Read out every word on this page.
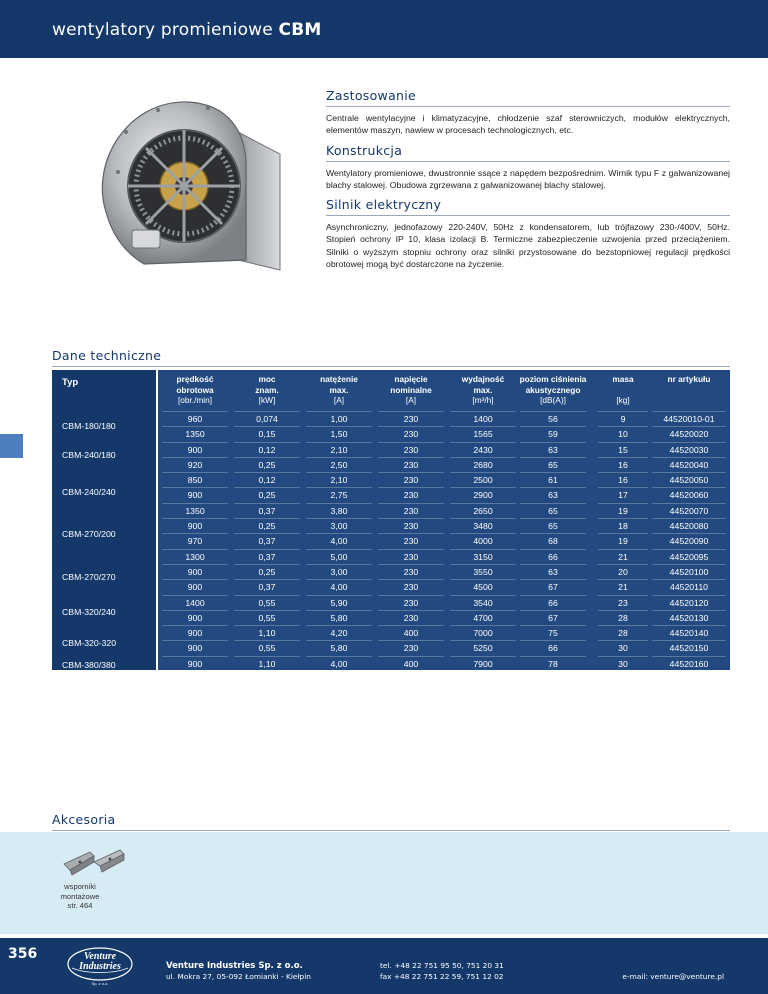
wentylatory promieniowe CBM
Zastosowanie
Centrale wentylacyjne i klimatyzacyjne, chłodzenie szaf sterowniczych, modułów elektrycznych, elementów maszyn, nawiew w procesach technologicznych, etc.
Konstrukcja
Wentylatory promieniowe, dwustronnie ssące z napędem bezpośrednim. Wirnik typu F z galwanizowanej blachy stalowej. Obudowa zgrzewana z galwanizowanej blachy stalowej.
Silnik elektryczny
Asynchroniczny, jednofazowy 220-240V, 50Hz z kondensatorem, lub trójfazowy 230-/400V, 50Hz. Stopień ochrony IP 10, klasa izolacji B. Termiczne zabezpieczenie uzwojenia przed przeciążeniem. Silniki o wyższym stopniu ochrony oraz silniki przystosowane do bezstopniowej regulacji prędkości obrotowej mogą być dostarczone na życzenie.
Dane techniczne
Typ
CBM-180/180
CBM-240/180
CBM-240/240
CBM-270/200
CBM-270/270
CBM-320/240
CBM-320-320
CBM-380/380
prędkość
obrotowa
[obr./min]
moc
znam.
[kW]
natężenie
max.
[A]
napięcie
nominalne
[A]
wydajność
max.
[m³/h]
poziom ciśnienia
akustycznego
[dB(A)]
masa

[kg]
nr artykułu
960
1350
900
920
850
900
1350
900
970
1300
900
900
1400
900
900
900
900
920
0,074
0,15
0,12
0,25
0,12
0,25
0,37
0,25
0,37
0,37
0,25
0,37
0,55
0,55
1,10
0,55
1,10
2,20
1,00
1,50
2,10
2,50
2,10
2,75
3,80
3,00
4,00
5,00
3,00
4,00
5,90
5,80
4,20
5,80
4,00
8,00
230
230
230
230
230
230
230
230
230
230
230
230
230
230
400
230
400
400
1400
1565
2430
2680
2500
2900
2650
3480
4000
3150
3550
4500
3540
4700
7000
5250
7900
11900
56
59
63
65
61
63
65
65
68
66
63
67
66
67
75
66
78
76
9
10
15
16
16
17
19
18
19
21
20
21
23
28
28
30
30
45
44520010-01
44520020
44520030
44520040
44520050
44520060
44520070
44520080
44520090
44520095
44520100
44520110
44520120
44520130
44520140
44520150
44520160
44520170
Akcesoria
wsporniki
montażowe
str. 464
356	Venture
Industries
Sp. z o.o.
Venture Industries Sp. z o.o.
ul. Mokra 27, 05-092 Łomianki - Kiełpin
tel. +48 22 751 95 50, 751 20 31
fax +48 22 751 22 59, 751 12 02	e-mail: venture@venture.pl
